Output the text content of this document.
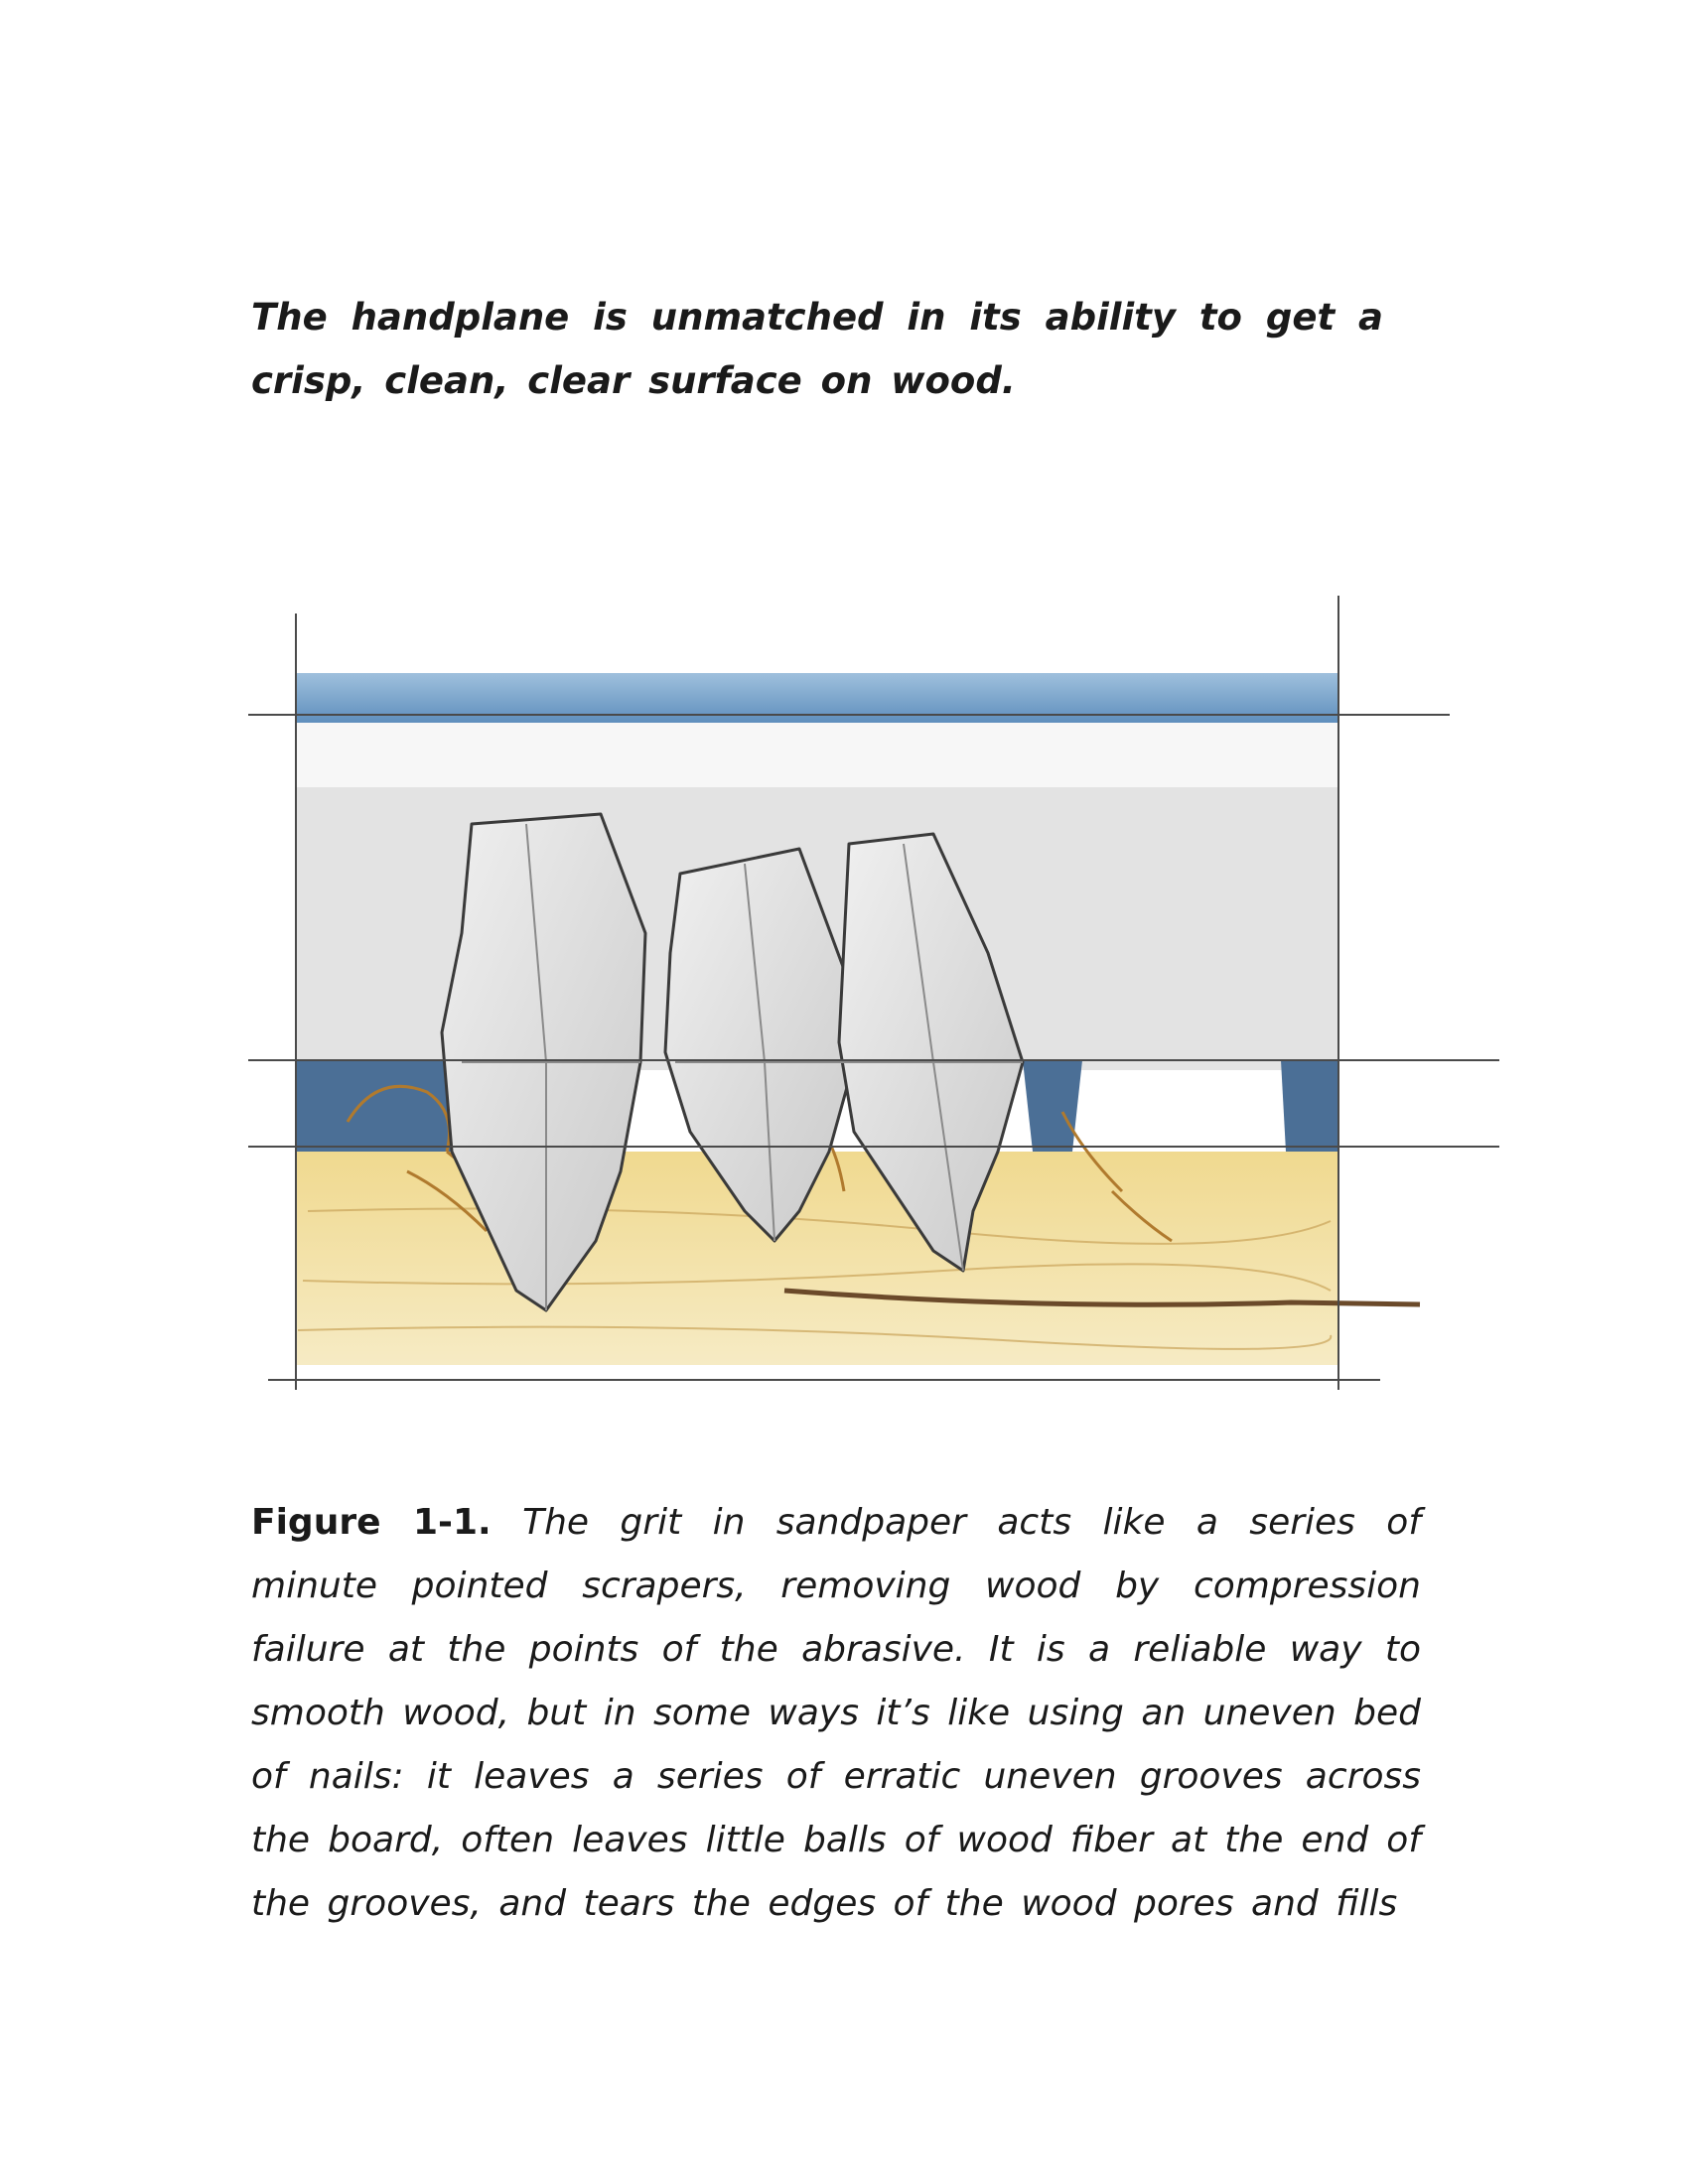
The handplane is unmatched in its ability to get a crisp, clean, clear surface on wood.

Figure 1-1. The grit in sandpaper acts like a series of minute pointed scrapers, removing wood by compression failure at the points of the abrasive. It is a reliable way to smooth wood, but in some ways it’s like using an uneven bed of nails: it leaves a series of erratic uneven grooves across the board, often leaves little balls of wood fiber at the end of the grooves, and tears the edges of the wood pores and fills
